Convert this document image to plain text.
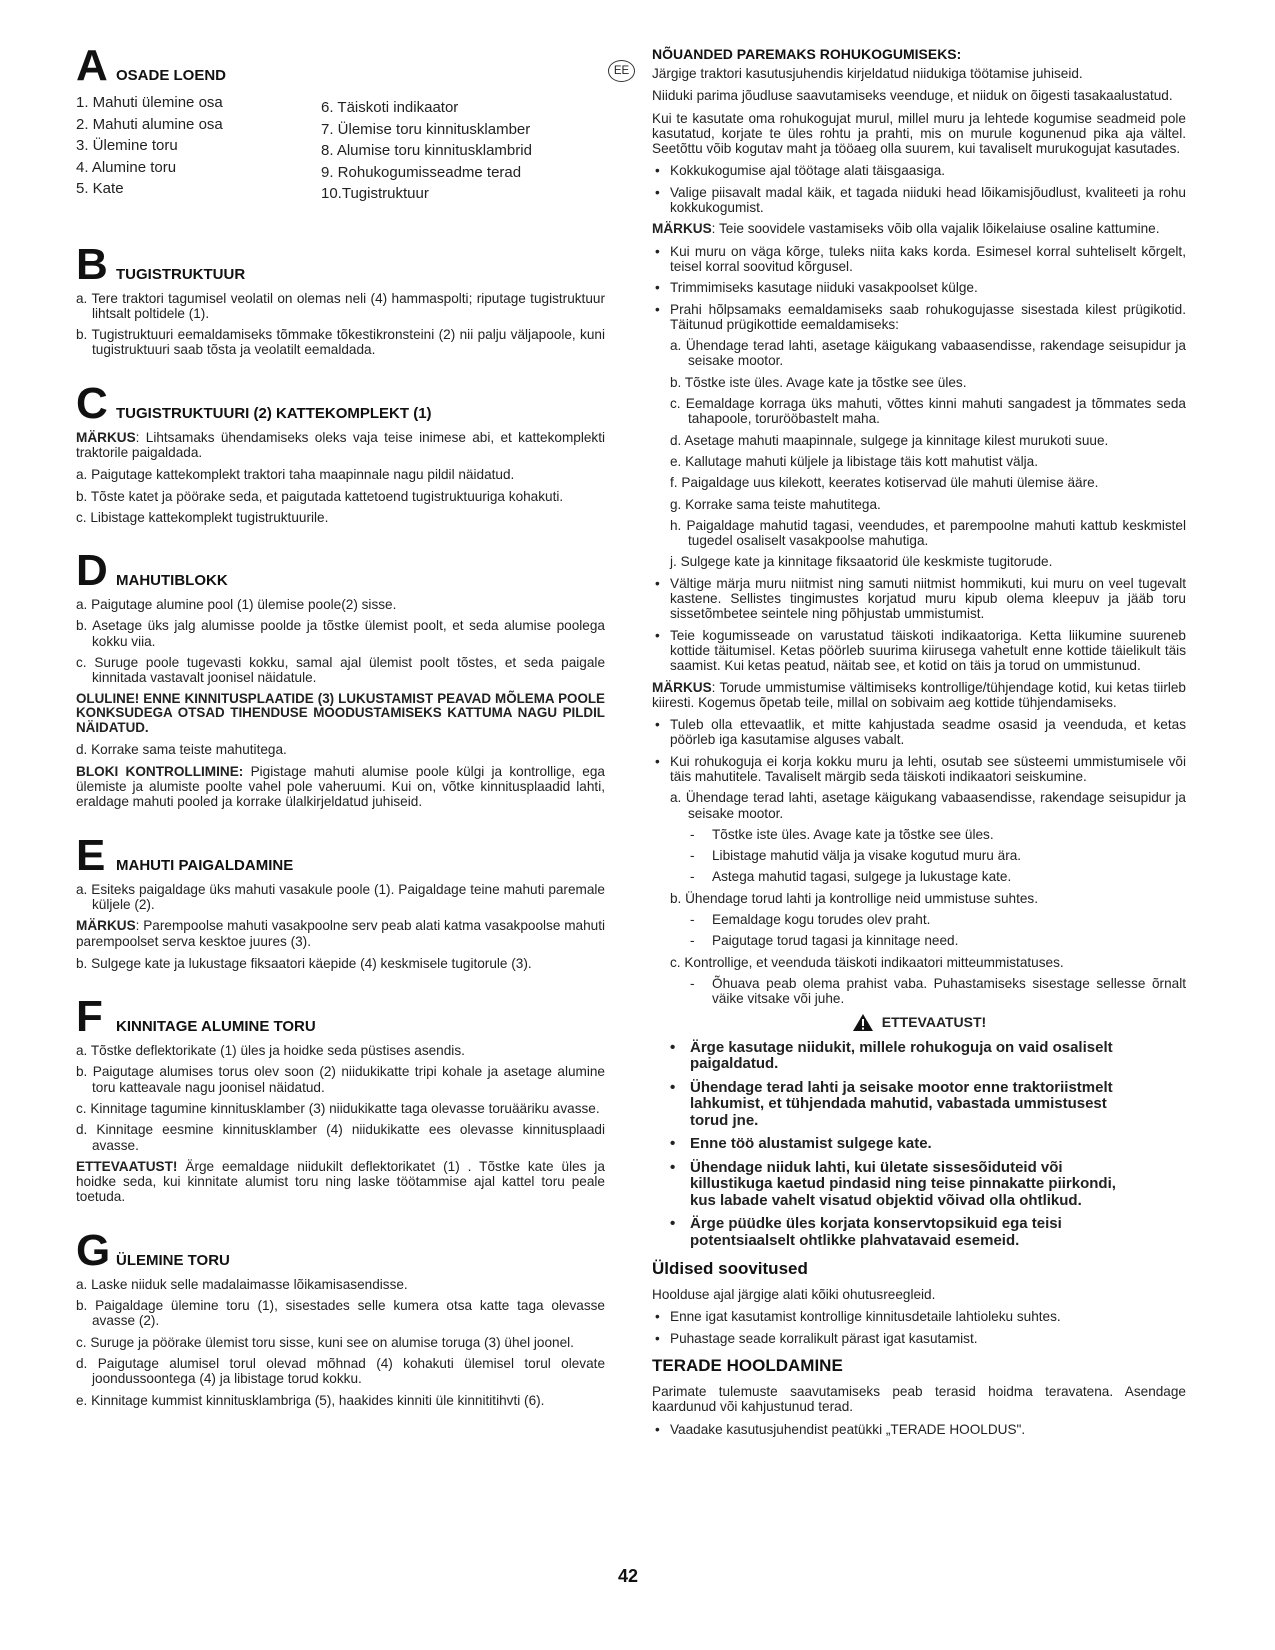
A OSADE LOEND
1. Mahuti ülemine osa
2. Mahuti alumine osa
3. Ülemine toru
4. Alumine toru
5. Kate
6. Täiskoti indikaator
7. Ülemise toru kinnitusklamber
8. Alumise toru kinnitusklambrid
9. Rohukogumisseadme terad
10.Tugistruktuur
B TUGISTRUKTUUR
a. Tere traktori tagumisel veolatil on olemas neli (4) hammaspolti; riputage tugistruktuur lihtsalt poltidele (1).
b. Tugistruktuuri eemaldamiseks tõmmake tõkestikronsteini (2) nii palju väljapoole, kuni tugistruktuuri saab tõsta ja veolatilt eemaldada.
C TUGISTRUKTUURI (2) KATTEKOMPLEKT (1)
MÄRKUS: Lihtsamaks ühendamiseks oleks vaja teise inimese abi, et kattekomplekti traktorile paigaldada.
a. Paigutage kattekomplekt traktori taha maapinnale nagu pildil näidatud.
b. Tõste katet ja pöörake seda, et paigutada kattetoend tugistruktuuriga kohakuti.
c. Libistage kattekomplekt tugistruktuurile.
D MAHUTIBLOKK
a. Paigutage alumine pool (1) ülemise poole(2) sisse.
b. Asetage üks jalg alumisse poolde ja tõstke ülemist poolt, et seda alumise poolega kokku viia.
c. Suruge poole tugevasti kokku, samal ajal ülemist poolt tõstes, et seda paigale kinnitada vastavalt joonisel näidatule.
OLULINE! ENNE KINNITUSPLAATIDE (3) LUKUSTAMIST PEAVAD MÕLEMA POOLE KONKSUDEGA OTSAD TIHENDUSE MOODUSTAMISEKS KATTUMA NAGU PILDIL NÄIDATUD.
d. Korrake sama teiste mahutitega.
BLOKI KONTROLLIMINE: Pigistage mahuti alumise poole külgi ja kontrollige, ega ülemiste ja alumiste poolte vahel pole vaheruumi. Kui on, võtke kinnitusplaadid lahti, eraldage mahuti pooled ja korrake ülalkirjeldatud juhiseid.
E MAHUTI PAIGALDAMINE
a. Esiteks paigaldage üks mahuti vasakule poole (1). Paigaldage teine mahuti paremale küljele (2).
MÄRKUS: Parempoolse mahuti vasakpoolne serv peab alati katma vasakpoolse mahuti parempoolset serva kesktoe juures (3).
b. Sulgege kate ja lukustage fiksaatori käepide (4) keskmisele tugitorule (3).
F KINNITAGE ALUMINE TORU
a. Tõstke deflektorikate (1) üles ja hoidke seda püstises asendis.
b. Paigutage alumises torus olev soon (2) niidukikatte tripi kohale ja asetage alumine toru katteavale nagu joonisel näidatud.
c. Kinnitage tagumine kinnitusklamber (3) niidukikatte taga olevasse toruääriku avasse.
d. Kinnitage eesmine kinnitusklamber (4) niidukikatte ees olevasse kinnitusplaadi avasse.
ETTEVAATUST! Ärge eemaldage niidukilt deflektorikatet (1) . Tõstke kate üles ja hoidke seda, kui kinnitate alumist toru ning laske töötammise ajal kattel toru peale toetuda.
G ÜLEMINE TORU
a. Laske niiduk selle madalaimasse lõikamisasendisse.
b. Paigaldage ülemine toru (1), sisestades selle kumera otsa katte taga olevasse avasse (2).
c. Suruge ja pöörake ülemist toru sisse, kuni see on alumise toruga (3) ühel joonel.
d. Paigutage alumisel torul olevad mõhnad (4) kohakuti ülemisel torul olevate joondussoontega (4) ja libistage torud kokku.
e. Kinnitage kummist kinnitusklambriga (5), haakides kinniti üle kinnititihvti (6).
EE
NÕUANDED PAREMAKS ROHUKOGUMISEKS:
Järgige traktori kasutusjuhendis kirjeldatud niidukiga töötamise juhiseid.
Niiduki parima jõudluse saavutamiseks veenduge, et niiduk on õigesti tasakaalustatud.
Kui te kasutate oma rohukogujat murul, millel muru ja lehtede kogumise seadmeid pole kasutatud, korjate te üles rohtu ja prahti, mis on murule kogunenud pika aja vältel. Seetõttu võib kogutav maht ja tööaeg olla suurem, kui tavaliselt murukogujat kasutades.
• Kokkukogumise ajal töötage alati täisgaasiga.
• Valige piisavalt madal käik, et tagada niiduki head lõikamisjõudlust, kvaliteeti ja rohu kokkukogumist.
MÄRKUS: Teie soovidele vastamiseks võib olla vajalik lõikelaiuse osaline kattumine.
• Kui muru on väga kõrge, tuleks niita kaks korda. Esimesel korral suhteliselt kõrgelt, teisel korral soovitud kõrgusel.
• Trimmimiseks kasutage niiduki vasakpoolset külge.
• Prahi hõlpsamaks eemaldamiseks saab rohukogujasse sisestada kilest prügikotid. Täitunud prügikottide eemaldamiseks:
a. Ühendage terad lahti, asetage käigukang vabaasendisse, rakendage seisupidur ja seisake mootor.
b. Tõstke iste üles. Avage kate ja tõstke see üles.
c. Eemaldage korraga üks mahuti, võttes kinni mahuti sangadest ja tõmmates seda tahapoole, torurööbastelt maha.
d. Asetage mahuti maapinnale, sulgege ja kinnitage kilest murukoti suue.
e. Kallutage mahuti küljele ja libistage täis kott mahutist välja.
f. Paigaldage uus kilekott, keerates kotiservad üle mahuti ülemise ääre.
g. Korrake sama teiste mahutitega.
h. Paigaldage mahutid tagasi, veendudes, et parempoolne mahuti kattub keskmistel tugedel osaliselt vasakpoolse mahutiga.
j. Sulgege kate ja kinnitage fiksaatorid üle keskmiste tugitorude.
• Vältige märja muru niitmist ning samuti niitmist hommikuti, kui muru on veel tugevalt kastene. Sellistes tingimustes korjatud muru kipub olema kleepuv ja jääb toru sissetõmbetee seintele ning põhjustab ummistumist.
• Teie kogumisseade on varustatud täiskoti indikaatoriga. Ketta liikumine suureneb kottide täitumisel. Ketas pöörleb suurima kiirusega vahetult enne kottide täielikult täis saamist. Kui ketas peatud, näitab see, et kotid on täis ja torud on ummistunud.
MÄRKUS: Torude ummistumise vältimiseks kontrollige/tühjendage kotid, kui ketas tiirleb kiiresti. Kogemus õpetab teile, millal on sobivaim aeg kottide tühjendamiseks.
• Tuleb olla ettevaatlik, et mitte kahjustada seadme osasid ja veenduda, et ketas pöörleb iga kasutamise alguses vabalt.
• Kui rohukoguja ei korja kokku muru ja lehti, osutab see süsteemi ummistumisele või täis mahutitele. Tavaliselt märgib seda täiskoti indikaatori seiskumine.
a. Ühendage terad lahti, asetage käigukang vabaasendisse, rakendage seisupidur ja seisake mootor.
- Tõstke iste üles. Avage kate ja tõstke see üles.
- Libistage mahutid välja ja visake kogutud muru ära.
- Astega mahutid tagasi, sulgege ja lukustage kate.
b. Ühendage torud lahti ja kontrollige neid ummistuse suhtes.
- Eemaldage kogu torudes olev praht.
- Paigutage torud tagasi ja kinnitage need.
c. Kontrollige, et veenduda täiskoti indikaatori mitteummistatuses.
- Õhuava peab olema prahist vaba. Puhastamiseks sisestage sellesse õrnalt väike vitsake või juhe.
ETTEVAATUST!
• Ärge kasutage niidukit, millele rohukoguja on vaid osaliselt paigaldatud.
• Ühendage terad lahti ja seisake mootor enne traktoriistmelt lahkumist, et tühjendada mahutid, vabastada ummistusest torud jne.
• Enne töö alustamist sulgege kate.
• Ühendage niiduk lahti, kui ületate sissesõiduteid või killustikuga kaetud pindasid ning teise pinnakatte piirkondi, kus labade vahelt visatud objektid võivad olla ohtlikud.
• Ärge püüdke üles korjata konservtopsikuid ega teisi potentsiaalselt ohtlikke plahvatavaid esemeid.
Üldised soovitused
Hoolduse ajal järgige alati kõiki ohutusreegleid.
• Enne igat kasutamist kontrollige kinnitusdetaile lahtioleku suhtes.
• Puhastage seade korralikult pärast igat kasutamist.
TERADE HOOLDAMINE
Parimate tulemuste saavutamiseks peab terasid hoidma teravatena. Asendage kaardunud või kahjustunud terad.
• Vaadake kasutusjuhendist peatükki „TERADE HOOLDUS".
42
